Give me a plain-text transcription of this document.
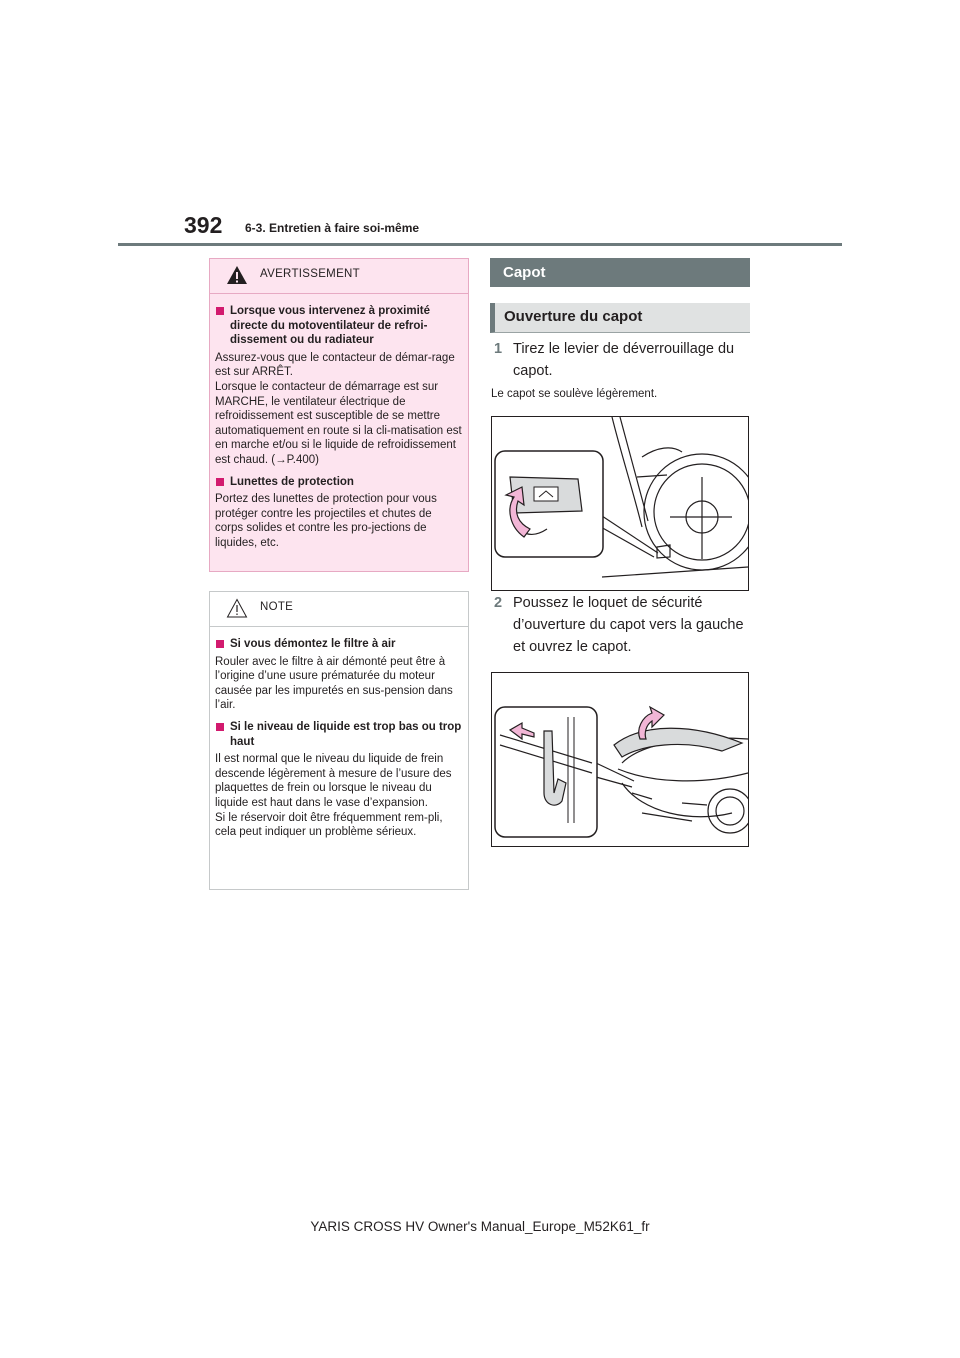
392 6-3. Entretien à faire soi-même
AVERTISSEMENT
Lorsque vous intervenez à proximité directe du motoventilateur de refroi-dissement ou du radiateur
Assurez-vous que le contacteur de démar-rage est sur ARRÊT.
Lorsque le contacteur de démarrage est sur MARCHE, le ventilateur électrique de refroidissement est susceptible de se mettre automatiquement en route si la cli-matisation est en marche et/ou si le liquide de refroidissement est chaud. (→P.400)
Lunettes de protection
Portez des lunettes de protection pour vous protéger contre les projectiles et chutes de corps solides et contre les pro-jections de liquides, etc.
NOTE
Si vous démontez le filtre à air
Rouler avec le filtre à air démonté peut être à l’origine d’une usure prématurée du moteur causée par les impuretés en sus-pension dans l’air.
Si le niveau de liquide est trop bas ou trop haut
Il est normal que le niveau du liquide de frein descende légèrement à mesure de l’usure des plaquettes de frein ou lorsque le niveau du liquide est haut dans le vase d’expansion.
Si le réservoir doit être fréquemment rem-pli, cela peut indiquer un problème sérieux.
Capot
Ouverture du capot
1 Tirez le levier de déverrouillage du capot.
Le capot se soulève légèrement.
2 Poussez le loquet de sécurité d’ouverture du capot vers la gauche et ouvrez le capot.
YARIS CROSS HV Owner's Manual_Europe_M52K61_fr
